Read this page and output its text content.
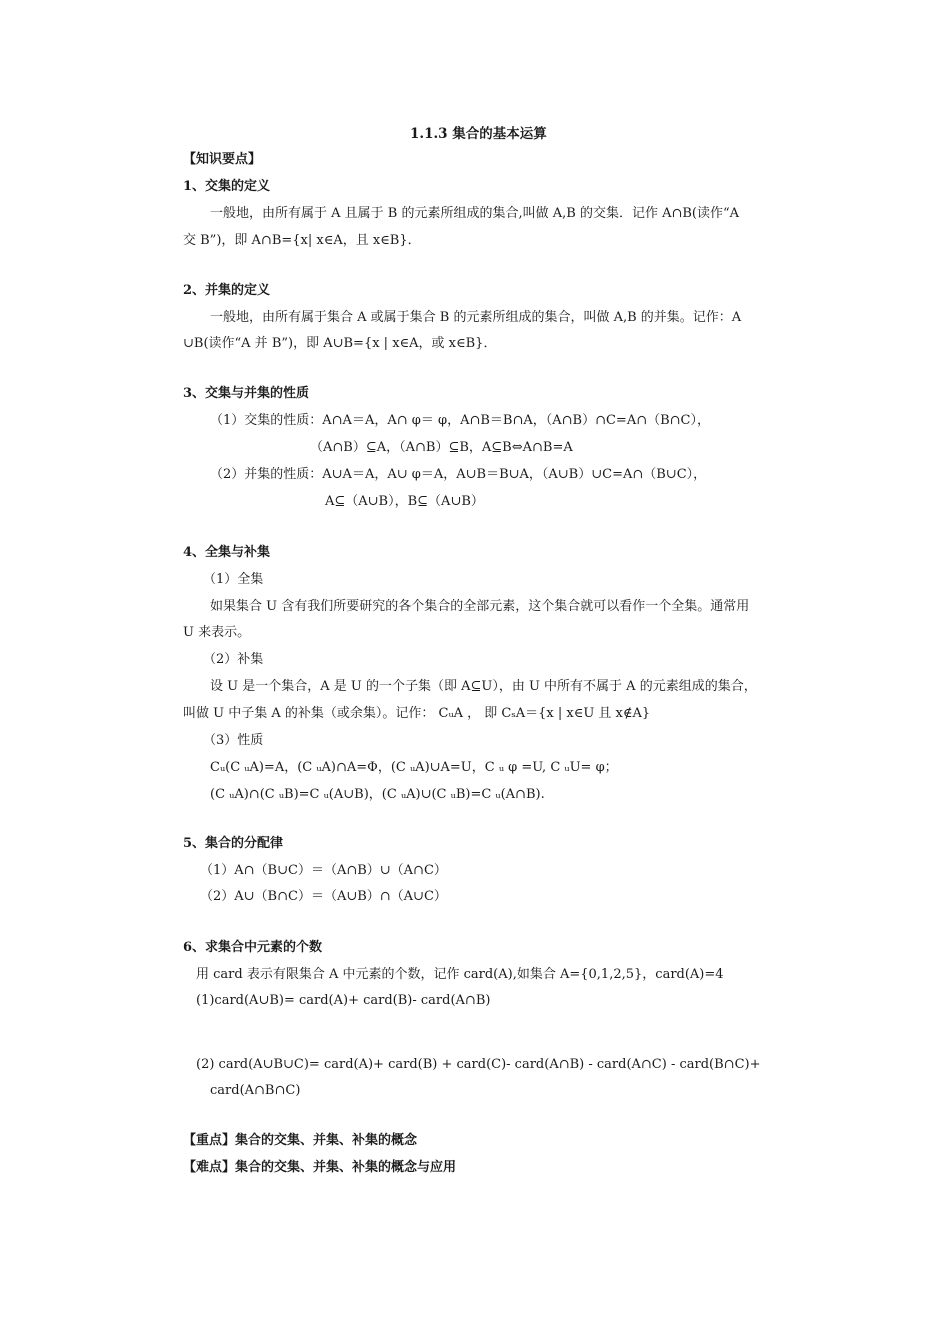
1.1.3 集合的基本运算
【知识要点】
1、交集的定义
一般地，由所有属于 A 且属于 B 的元素所组成的集合,叫做 A,B 的交集．记作 A∩B(读作“A
交 B”)，即 A∩B={x| x∈A，且 x∈B}．
2、并集的定义
一般地，由所有属于集合 A 或属于集合 B 的元素所组成的集合，叫做 A,B 的并集。记作：A
∪B(读作“A 并 B”)，即 A∪B={x | x∈A，或 x∈B}．
3、交集与并集的性质
（1）交集的性质：A∩A＝A，A∩ φ＝ φ，A∩B＝B∩A，（A∩B）∩C=A∩（B∩C），
（A∩B）⊆A，（A∩B）⊆B，A⊆B⇔A∩B=A
（2）并集的性质：A∪A＝A，A∪ φ＝A，A∪B＝B∪A，（A∪B）∪C=A∩（B∪C），
A⊆（A∪B），B⊆（A∪B）
4、全集与补集
（1）全集
如果集合 U 含有我们所要研究的各个集合的全部元素，这个集合就可以看作一个全集。通常用
U 来表示。
（2）补集
设 U 是一个集合，A 是 U 的一个子集（即 A⊆U），由 U 中所有不属于 A 的元素组成的集合，
叫做 U 中子集 A 的补集（或余集）。记作： CᵤA ， 即 CₛA＝{x | x∈U 且 x∉A}
（3）性质
Cᵤ(C ᵤA)=A，(C ᵤA)∩A=Φ，(C ᵤA)∪A=U，C ᵤ φ =U, C ᵤU= φ；
(C ᵤA)∩(C ᵤB)=C ᵤ(A∪B)，(C ᵤA)∪(C ᵤB)=C ᵤ(A∩B).
5、集合的分配律
（1）A∩（B∪C）＝（A∩B）∪（A∩C）
（2）A∪（B∩C）＝（A∪B）∩（A∪C）
6、求集合中元素的个数
用 card 表示有限集合 A 中元素的个数，记作 card(A),如集合 A={0,1,2,5}，card(A)=4
(1)card(A∪B)= card(A)+ card(B)- card(A∩B)
(2) card(A∪B∪C)= card(A)+ card(B) + card(C)- card(A∩B) - card(A∩C) - card(B∩C)+
card(A∩B∩C)
【重点】集合的交集、并集、补集的概念
【难点】集合的交集、并集、补集的概念与应用
